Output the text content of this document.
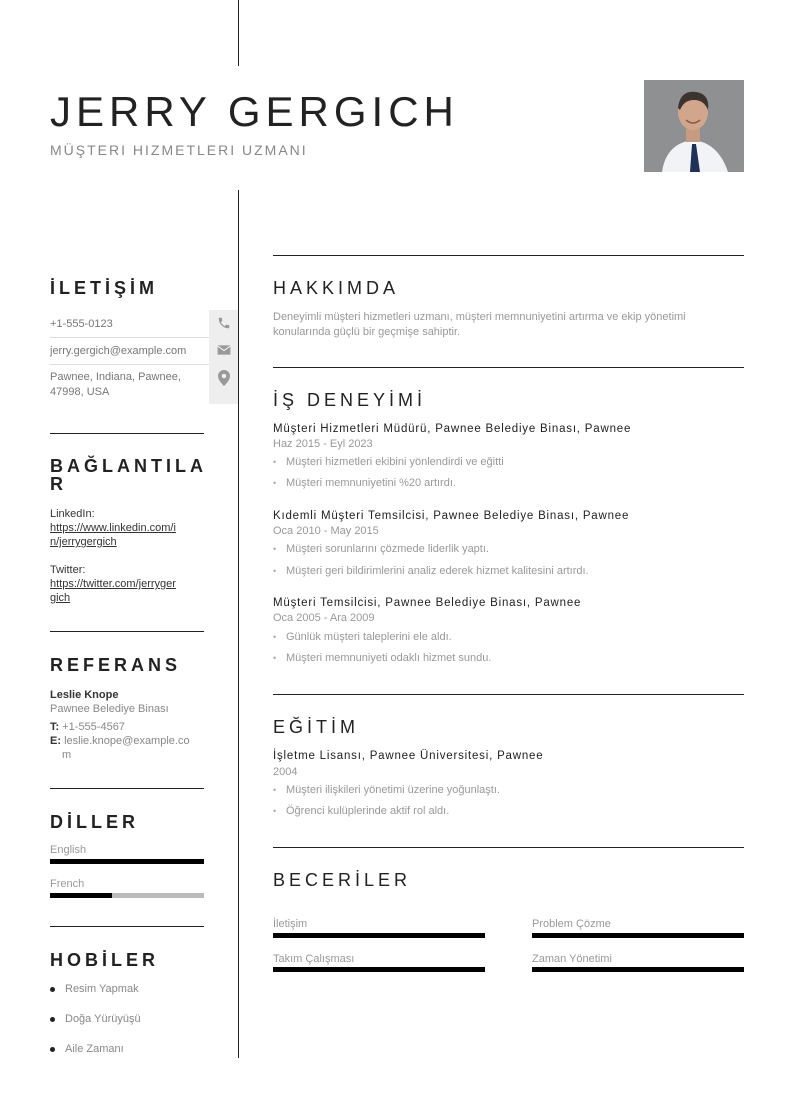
JERRY GERGICH
MÜŞTERI HIZMETLERI UZMANI
İLETİŞİM
+1-555-0123
jerry.gergich@example.com
Pawnee, Indiana, Pawnee, 47998, USA
BAĞLANTILA
R
LinkedIn:
https://www.linkedin.com/i
n/jerrygergich
Twitter:
https://twitter.com/jerryger
gich
REFERANS
Leslie Knope
Pawnee Belediye Binası
T: +1-555-4567
E: leslie.knope@example.co
m
DİLLER
English
French
HOBİLER
Resim Yapmak
Doğa Yürüyüşü
Aile Zamanı
HAKKIMDA
Deneyimli müşteri hizmetleri uzmanı, müşteri memnuniyetini artırma ve ekip yönetimi
konularında güçlü bir geçmişe sahiptir.
İŞ DENEYİMİ
Müşteri Hizmetleri Müdürü, Pawnee Belediye Binası, Pawnee
Haz 2015 - Eyl 2023
• Müşteri hizmetleri ekibini yönlendirdi ve eğitti
• Müşteri memnuniyetini %20 artırdı.
Kıdemli Müşteri Temsilcisi, Pawnee Belediye Binası, Pawnee
Oca 2010 - May 2015
• Müşteri sorunlarını çözmede liderlik yaptı.
• Müşteri geri bildirimlerini analiz ederek hizmet kalitesini artırdı.
Müşteri Temsilcisi, Pawnee Belediye Binası, Pawnee
Oca 2005 - Ara 2009
• Günlük müşteri taleplerini ele aldı.
• Müşteri memnuniyeti odaklı hizmet sundu.
EĞİTİM
İşletme Lisansı, Pawnee Üniversitesi, Pawnee
2004
• Müşteri ilişkileri yönetimi üzerine yoğunlaştı.
• Öğrenci kulüplerinde aktif rol aldı.
BECERİLER
İletişim	Problem Çözme
Takım Çalışması	Zaman Yönetimi
